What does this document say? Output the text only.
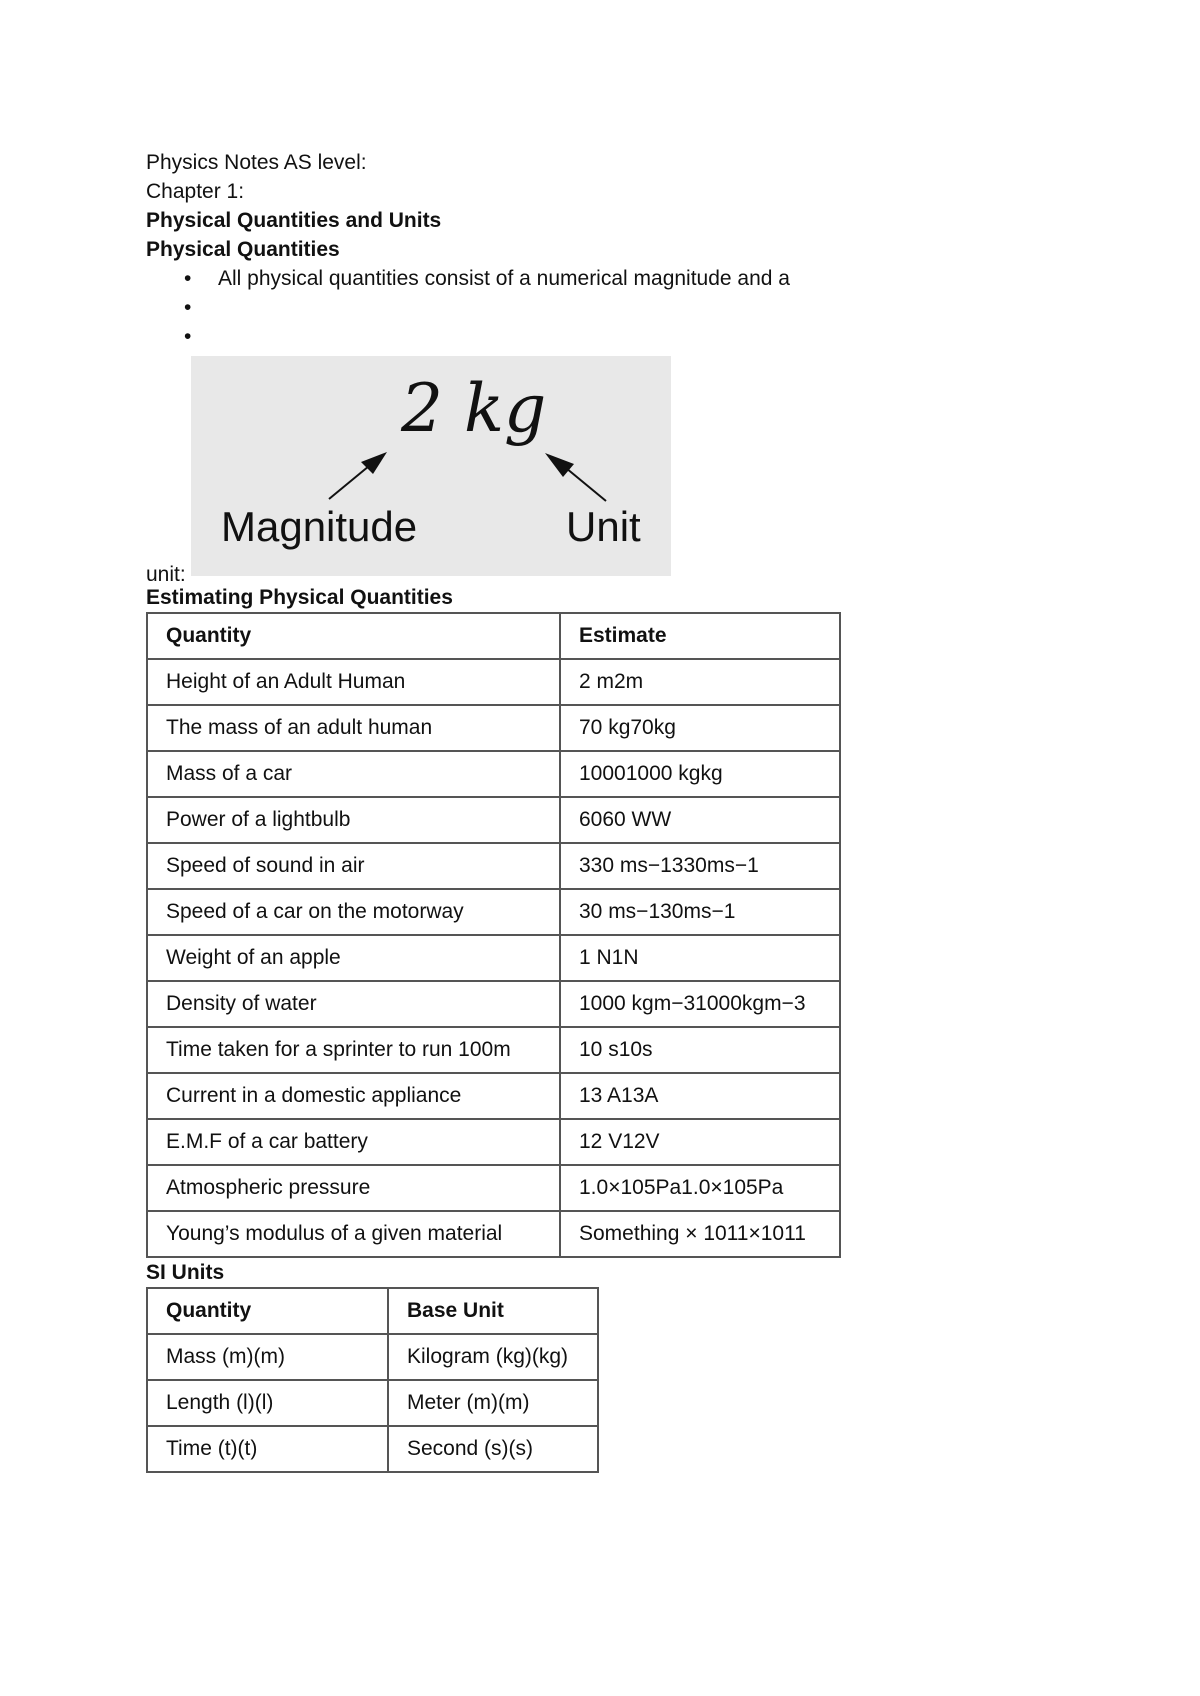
Physics Notes AS level:
Chapter 1:
Physical Quantities and Units
Physical Quantities
• All physical quantities consist of a numerical magnitude and a
•
•
unit:
2 kg
Magnitude	Unit
Estimating Physical Quantities
Quantity	Estimate
Height of an Adult Human	2 m2m
The mass of an adult human	70 kg70kg
Mass of a car	10001000 kgkg
Power of a lightbulb	6060 WW
Speed of sound in air	330 ms−1330ms−1
Speed of a car on the motorway	30 ms−130ms−1
Weight of an apple	1 N1N
Density of water	1000 kgm−31000kgm−3
Time taken for a sprinter to run 100m	10 s10s
Current in a domestic appliance	13 A13A
E.M.F of a car battery	12 V12V
Atmospheric pressure	1.0×105Pa1.0×105Pa
Young’s modulus of a given material	Something × 1011×1011
SI Units
Quantity	Base Unit
Mass (m)(m)	Kilogram (kg)(kg)
Length (l)(l)	Meter (m)(m)
Time (t)(t)	Second (s)(s)
